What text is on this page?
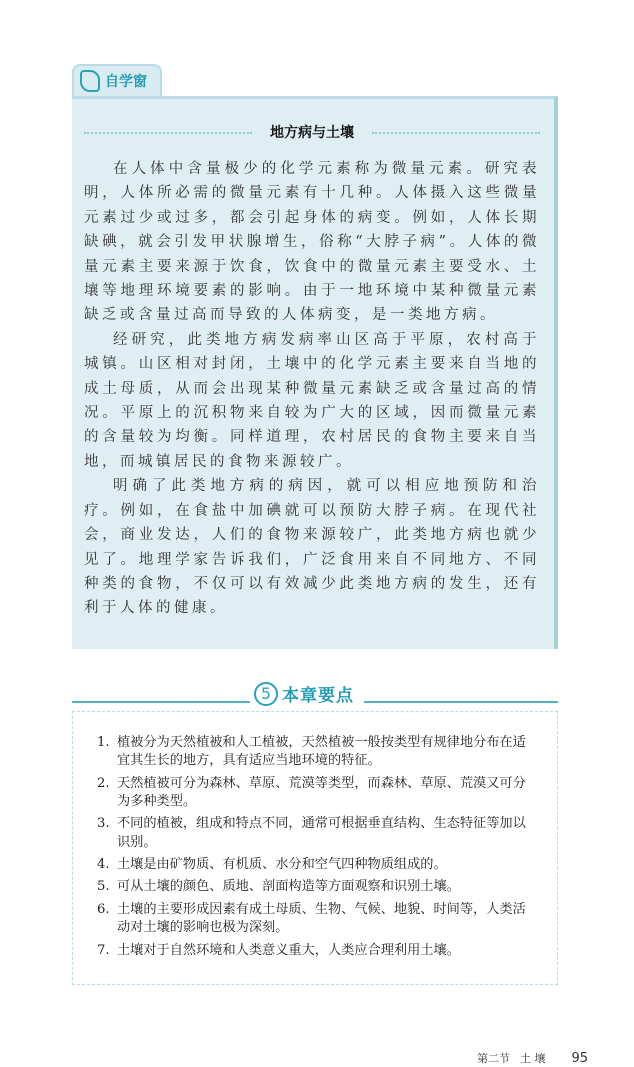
自学窗
地方病与土壤

在人体中含量极少的化学元素称为微量元素。研究表明，人体所必需的微量元素有十几种。人体摄入这些微量元素过少或过多，都会引起身体的病变。例如，人体长期缺碘，就会引发甲状腺增生，俗称“大脖子病”。人体的微量元素主要来源于饮食，饮食中的微量元素主要受水、土壤等地理环境要素的影响。由于一地环境中某种微量元素缺乏或含量过高而导致的人体病变，是一类地方病。

经研究，此类地方病发病率山区高于平原，农村高于城镇。山区相对封闭，土壤中的化学元素主要来自当地的成土母质，从而会出现某种微量元素缺乏或含量过高的情况。平原上的沉积物来自较为广大的区域，因而微量元素的含量较为均衡。同样道理，农村居民的食物主要来自当地，而城镇居民的食物来源较广。

明确了此类地方病的病因，就可以相应地预防和治疗。例如，在食盐中加碘就可以预防大脖子病。在现代社会，商业发达，人们的食物来源较广，此类地方病也就少见了。地理学家告诉我们，广泛食用来自不同地方、不同种类的食物，不仅可以有效减少此类地方病的发生，还有利于人体的健康。

5 本章要点
1. 植被分为天然植被和人工植被，天然植被一般按类型有规律地分布在适宜其生长的地方，具有适应当地环境的特征。
2. 天然植被可分为森林、草原、荒漠等类型，而森林、草原、荒漠又可分为多种类型。
3. 不同的植被，组成和特点不同，通常可根据垂直结构、生态特征等加以识别。
4. 土壤是由矿物质、有机质、水分和空气四种物质组成的。
5. 可从土壤的颜色、质地、剖面构造等方面观察和识别土壤。
6. 土壤的主要形成因素有成土母质、生物、气候、地貌、时间等，人类活动对土壤的影响也极为深刻。
7. 土壤对于自然环境和人类意义重大，人类应合理利用土壤。
第二节 土 壤 95
